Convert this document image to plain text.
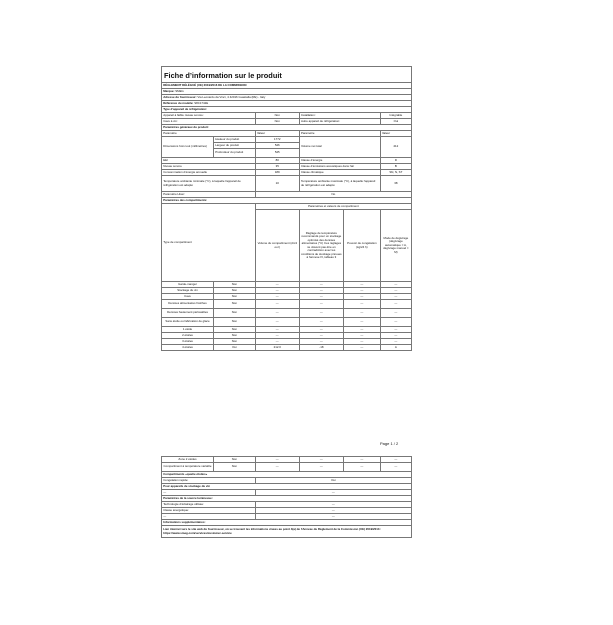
Fiche d’information sur le produit					
RÈGLEMENT DÉLÉGUÉ (UE) 2019/2016 DE LA COMMISSION					
Marque: SMEG					
Adresse du fournisseur: Via Leonardo da Vinci, 4 42016 Guastalla (RE) - Italy					
Référence du modèle: S8C1742E					
Type d'appareil de réfrigération:					
Appareil à faible niveau sonore:		Non	Installation:		Intégrable
Cave à vin:		Non	Autre appareil de réfrigération:		Oui
Paramètres généraux du produit:					
Paramètre		Valeur	Paramètre		Valeur
Dimensions hors tout (millimètres)	Hauteur du produit	1772	Volume net total		212
	Largeur du produit	546			
	Profondeur du produit	545			
EEI		80	Classe d'énergie		D
Niveau sonore		35	Classe d'émissions acoustiques dans l'air		B
Consommation d'énergie annuelle		189	Classe climatique		SN, N, ST
Température ambiante minimale (°C), à laquelle l'appareil de réfrigération est adapté		10	Température ambiante maximale (°C), à laquelle l'appareil de réfrigération est adapté		38
Paramètre Hiver:		No			
Paramètres des compartiments:					
Type de compartiment		Paramètres et valeurs de compartiment			
		Volume du compartiment (dm3 ou l)	Réglage de température recommandé pour un stockage optimisé des denrées alimentaires (°C) Ces réglages ne doivent pas être en contradiction avec les conditions de stockage prévues à l'annexe IV, tableau 3	Pouvoir de congélation (kg/24 h)	Mode de dégivrage (dégivrage automatique = A, dégivrage manuel = M)
Garde-manger	Non	—	—	—	—
Stockage du vin	Non	—	—	—	—
Cave	Non	—	—	—	—
Denrées alimentaires fraîches	Non	—	—	—	—
Denrées hautement périssables	Non	—	—	—	—
Sans étoile ou fabrication de glace	Non	—	—	—	—
1 étoile	Non	—	—	—	—
2 étoiles	Non	—	—	—	—
3 étoiles	Non	—	—	—	—
4 étoiles	Oui	212.0	-18	—	A
Page 1 / 2
Zone 2 étoiles	Non	—	—	—	—
Compartiment à température variable	Non	—	—	—	—
Compartiments «quatre étoiles»					
Congélation rapide:		Oui			
Pour appareils de stockage du vin					
—		—			
Paramètres de la source lumineuse:					
Technologie d'éclairage utilisée:		—			
Classe énergétique:		—			
—		—			
Informations supplémentaires:					
Lien internet vers le site web du fournisseur, où se trouvent les informations visées au point 4(a) de l'Annexe du Règlement de la Commission (UE) 2019/2013 : https://www.smeg.com/services/customer-service					
